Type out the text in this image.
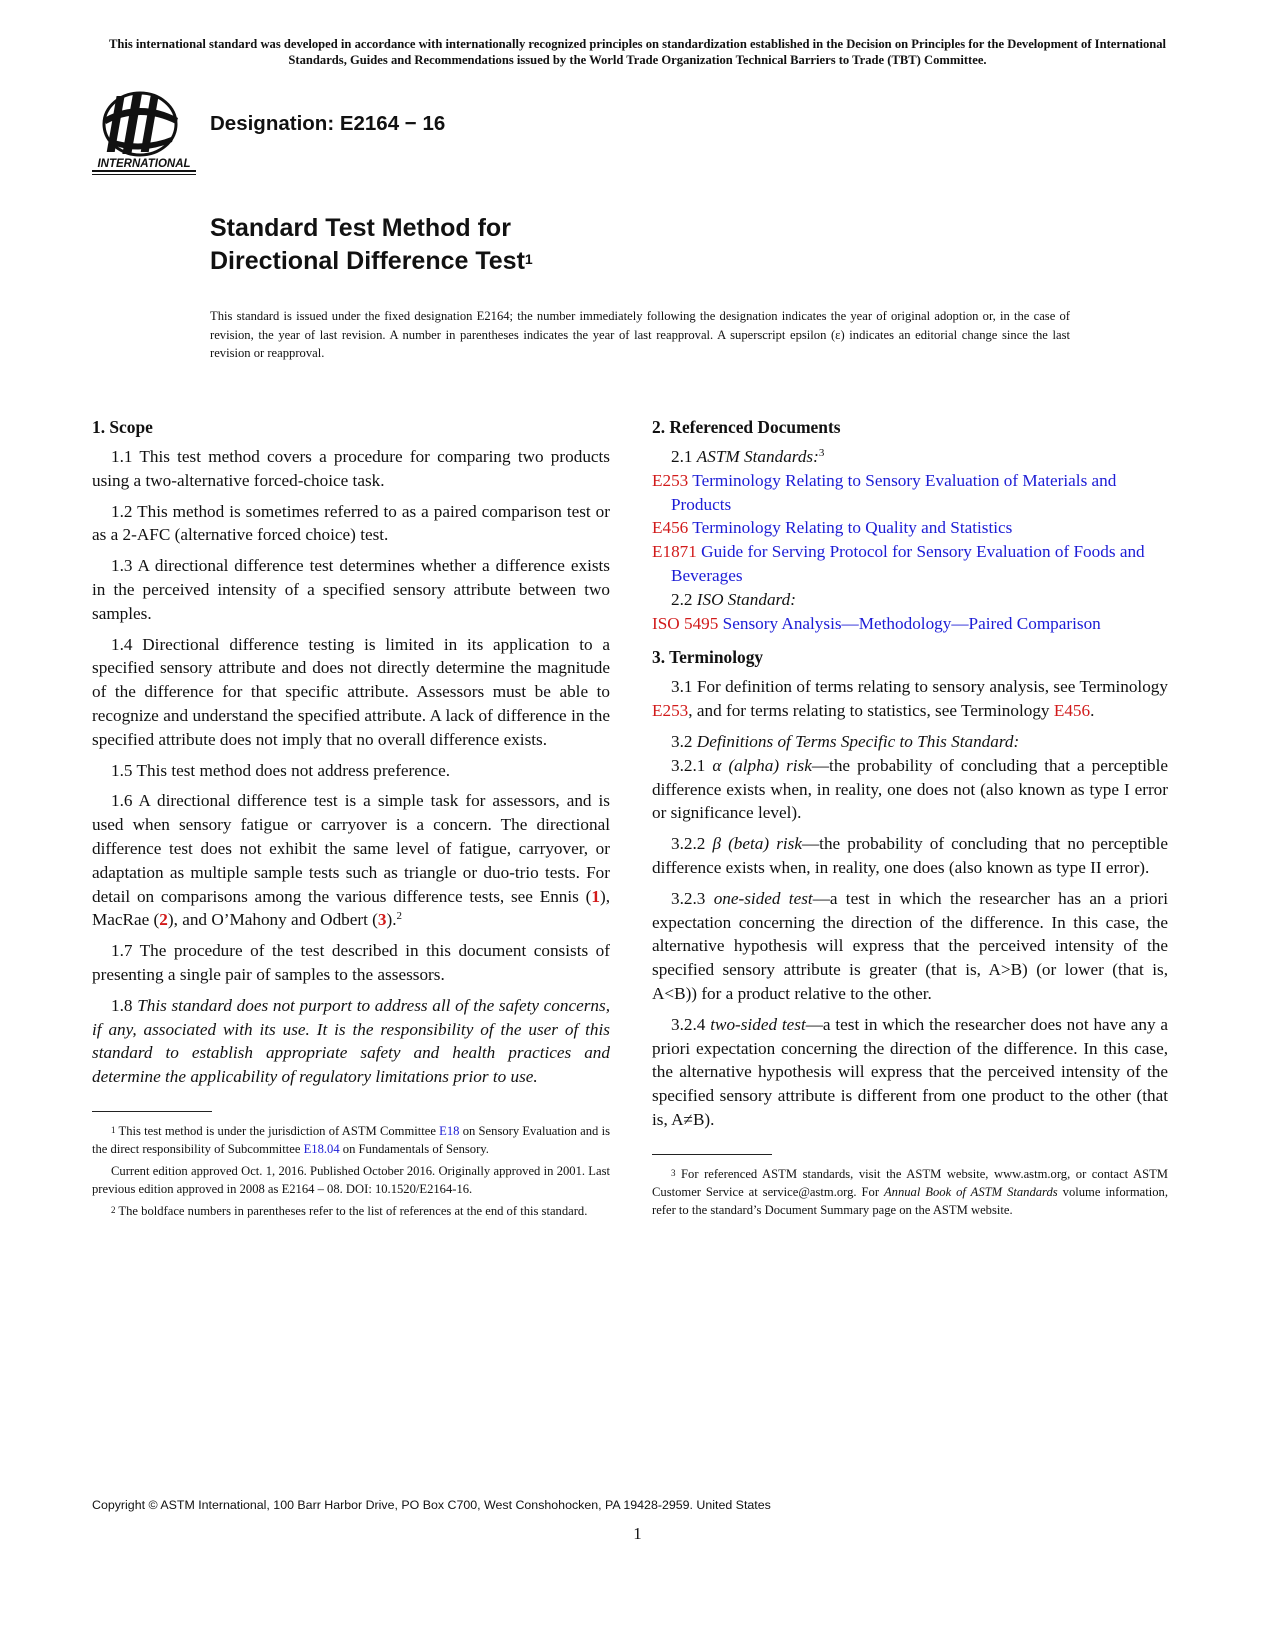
This international standard was developed in accordance with internationally recognized principles on standardization established in the Decision on Principles for the Development of International Standards, Guides and Recommendations issued by the World Trade Organization Technical Barriers to Trade (TBT) Committee.
INTERNATIONAL
Designation: E2164 − 16
Standard Test Method for
Directional Difference Test$^1$
This standard is issued under the fixed designation E2164; the number immediately following the designation indicates the year of original adoption or, in the case of revision, the year of last revision. A number in parentheses indicates the year of last reapproval. A superscript epsilon (ε) indicates an editorial change since the last revision or reapproval.
1. Scope

1.1 This test method covers a procedure for comparing two products using a two-alternative forced-choice task.

1.2 This method is sometimes referred to as a paired comparison test or as a 2-AFC (alternative forced choice) test.

1.3 A directional difference test determines whether a difference exists in the perceived intensity of a specified sensory attribute between two samples.

1.4 Directional difference testing is limited in its application to a specified sensory attribute and does not directly determine the magnitude of the difference for that specific attribute. Assessors must be able to recognize and understand the specified attribute. A lack of difference in the specified attribute does not imply that no overall difference exists.

1.5 This test method does not address preference.

1.6 A directional difference test is a simple task for assessors, and is used when sensory fatigue or carryover is a concern. The directional difference test does not exhibit the same level of fatigue, carryover, or adaptation as multiple sample tests such as triangle or duo-trio tests. For detail on comparisons among the various difference tests, see Ennis (1), MacRae (2), and O’Mahony and Odbert (3).$^2$

1.7 The procedure of the test described in this document consists of presenting a single pair of samples to the assessors.

1.8 This standard does not purport to address all of the safety concerns, if any, associated with its use. It is the responsibility of the user of this standard to establish appropriate safety and health practices and determine the applicability of regulatory limitations prior to use.

$^1$ This test method is under the jurisdiction of ASTM Committee E18 on Sensory Evaluation and is the direct responsibility of Subcommittee E18.04 on Fundamentals of Sensory.

Current edition approved Oct. 1, 2016. Published October 2016. Originally approved in 2001. Last previous edition approved in 2008 as E2164 – 08. DOI: 10.1520/E2164-16.

$^2$ The boldface numbers in parentheses refer to the list of references at the end of this standard.

2. Referenced Documents

2.1 ASTM Standards:$^3$

E253 Terminology Relating to Sensory Evaluation of Materials and Products

E456 Terminology Relating to Quality and Statistics

E1871 Guide for Serving Protocol for Sensory Evaluation of Foods and Beverages

2.2 ISO Standard:

ISO 5495 Sensory Analysis—Methodology—Paired Comparison

3. Terminology

3.1 For definition of terms relating to sensory analysis, see Terminology E253, and for terms relating to statistics, see Terminology E456.

3.2 Definitions of Terms Specific to This Standard:

3.2.1 α (alpha) risk—the probability of concluding that a perceptible difference exists when, in reality, one does not (also known as type I error or significance level).

3.2.2 β (beta) risk—the probability of concluding that no perceptible difference exists when, in reality, one does (also known as type II error).

3.2.3 one-sided test—a test in which the researcher has an a priori expectation concerning the direction of the difference. In this case, the alternative hypothesis will express that the perceived intensity of the specified sensory attribute is greater (that is, A>B) (or lower (that is, A<B)) for a product relative to the other.

3.2.4 two-sided test—a test in which the researcher does not have any a priori expectation concerning the direction of the difference. In this case, the alternative hypothesis will express that the perceived intensity of the specified sensory attribute is different from one product to the other (that is, A≠B).

$^3$ For referenced ASTM standards, visit the ASTM website, www.astm.org, or contact ASTM Customer Service at service@astm.org. For Annual Book of ASTM Standards volume information, refer to the standard’s Document Summary page on the ASTM website.

Copyright © ASTM International, 100 Barr Harbor Drive, PO Box C700, West Conshohocken, PA 19428-2959. United States
1
